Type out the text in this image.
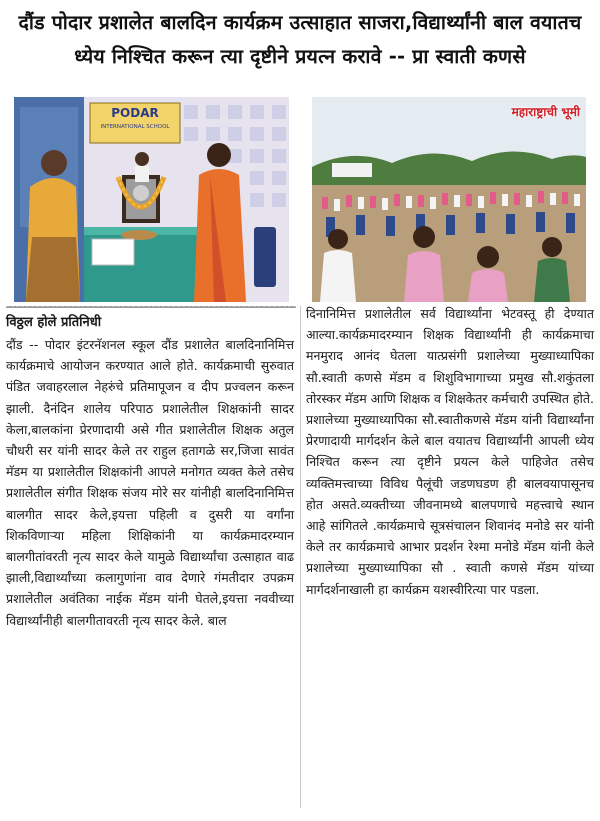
दौंड पोदार प्रशालेत बालदिन कार्यक्रम उत्साहात साजरा,विद्यार्थ्यांनी बाल वयातच ध्येय निश्चित करून त्या दृष्टीने प्रयत्न करावे -- प्रा स्वाती कणसे
PODAR
INTERNATIONAL SCHOOL
महाराष्ट्राची भूमी
विठ्ठल होले प्रतिनिधी

दौंड -- पोदार इंटरनॅशनल स्कूल दौंड प्रशालेत बालदिनानिमित्त कार्यक्रमाचे आयोजन करण्यात आले होते. कार्यक्रमाची सुरुवात पंडित जवाहरलाल नेहरुंचे प्रतिमापूजन व दीप प्रज्वलन करून झाली. दैनंदिन शालेय परिपाठ प्रशालेतील शिक्षकांनी सादर केला,बालकांना प्रेरणादायी असे गीत प्रशालेतील शिक्षक अतुल चौधरी सर यांनी सादर केले तर राहुल हतागळे सर,जिजा सावंत मॅडम या प्रशालेतील शिक्षकांनी आपले मनोगत व्यक्त केले तसेच प्रशालेतील संगीत शिक्षक संजय मोरे सर यांनीही बालदिनानिमित्त बालगीत सादर केले,इयत्ता पहिली व दुसरी या वर्गांना शिकविणाऱ्या महिला शिक्षिकांनी या कार्यक्रमादरम्यान बालगीतांवरती नृत्य सादर केले यामुळे विद्यार्थ्यांचा उत्साहात वाढ झाली,विद्यार्थ्यांच्या कलागुणांना वाव देणारे गंमतीदार उपक्रम प्रशालेतील अवंतिका नाईक मॅडम यांनी घेतले,इयत्ता नववीच्या विद्यार्थ्यांनीही बालगीतावरती नृत्य सादर केले. बाल

दिनानिमित्त प्रशालेतील सर्व विद्यार्थ्यांना भेटवस्तू ही देण्यात आल्या.कार्यक्रमादरम्यान शिक्षक विद्यार्थ्यांनी ही कार्यक्रमाचा मनमुराद आनंद घेतला यात्प्रसंगी प्रशालेच्या मुख्याध्यापिका सौ.स्वाती कणसे मॅडम व शिशुविभागाच्या प्रमुख सौ.शकुंतला तोरस्कर मॅडम आणि शिक्षक व शिक्षकेतर कर्मचारी उपस्थित होते. प्रशालेच्या मुख्याध्यापिका सौ.स्वातीकणसे मॅडम यांनी विद्यार्थ्यांना प्रेरणादायी मार्गदर्शन केले बाल वयातच विद्यार्थ्यांनी आपली ध्येय निश्चित करून त्या दृष्टीने प्रयत्न केले पाहिजेत तसेच व्यक्तिमत्त्वाच्या विविध पैलूंची जडणघडण ही बालवयापासूनच होत असते.व्यक्तीच्या जीवनामध्ये बालपणाचे महत्त्वाचे स्थान आहे सांगितले .कार्यक्रमाचे सूत्रसंचालन शिवानंद मनोडे सर यांनी केले तर कार्यक्रमाचे आभार प्रदर्शन रेश्मा मनोडे मॅडम यांनी केले प्रशालेच्या मुख्याध्यापिका सौ . स्वाती कणसे मॅडम यांच्या मार्गदर्शनाखाली हा कार्यक्रम यशस्वीरित्या पार पडला.
